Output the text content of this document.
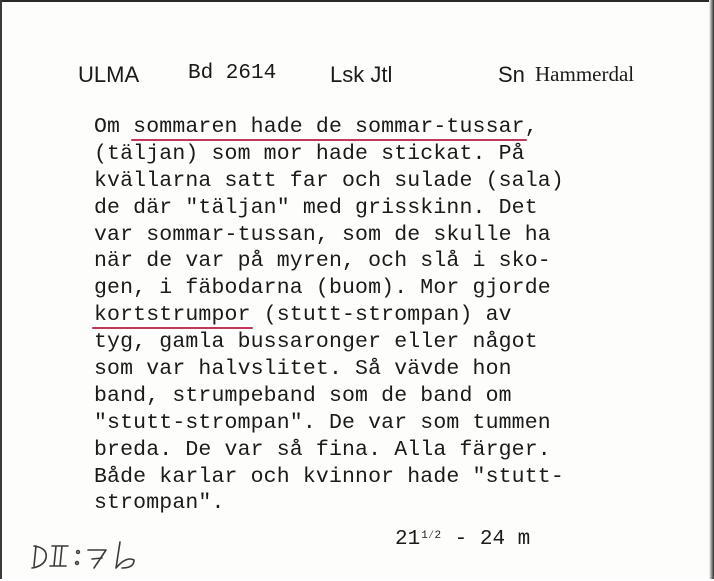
ULMA Bd 2614 Lsk Jtl	Sn Hammerdal
Om sommaren hade de sommar-tussar
,
(täljan) som mor hade stickat. På
kvällarna satt far och sulade (sala)
de där "täljan" med grisskinn. Det
var sommar-tussan, som de skulle ha
när de var på myren, och slå i sko-
gen, i fäbodarna (buom). Mor gjorde
kortstrumpor
(stutt-strompan) av
tyg, gamla bussaronger eller något
som var halvslitet. Så vävde hon
band, strumpeband som de band om
"stutt-strompan". De var som tummen
breda. De var så fina. Alla färger.
Både karlar och kvinnor hade "stutt-
strompan".
211⁄2 - 24 m
